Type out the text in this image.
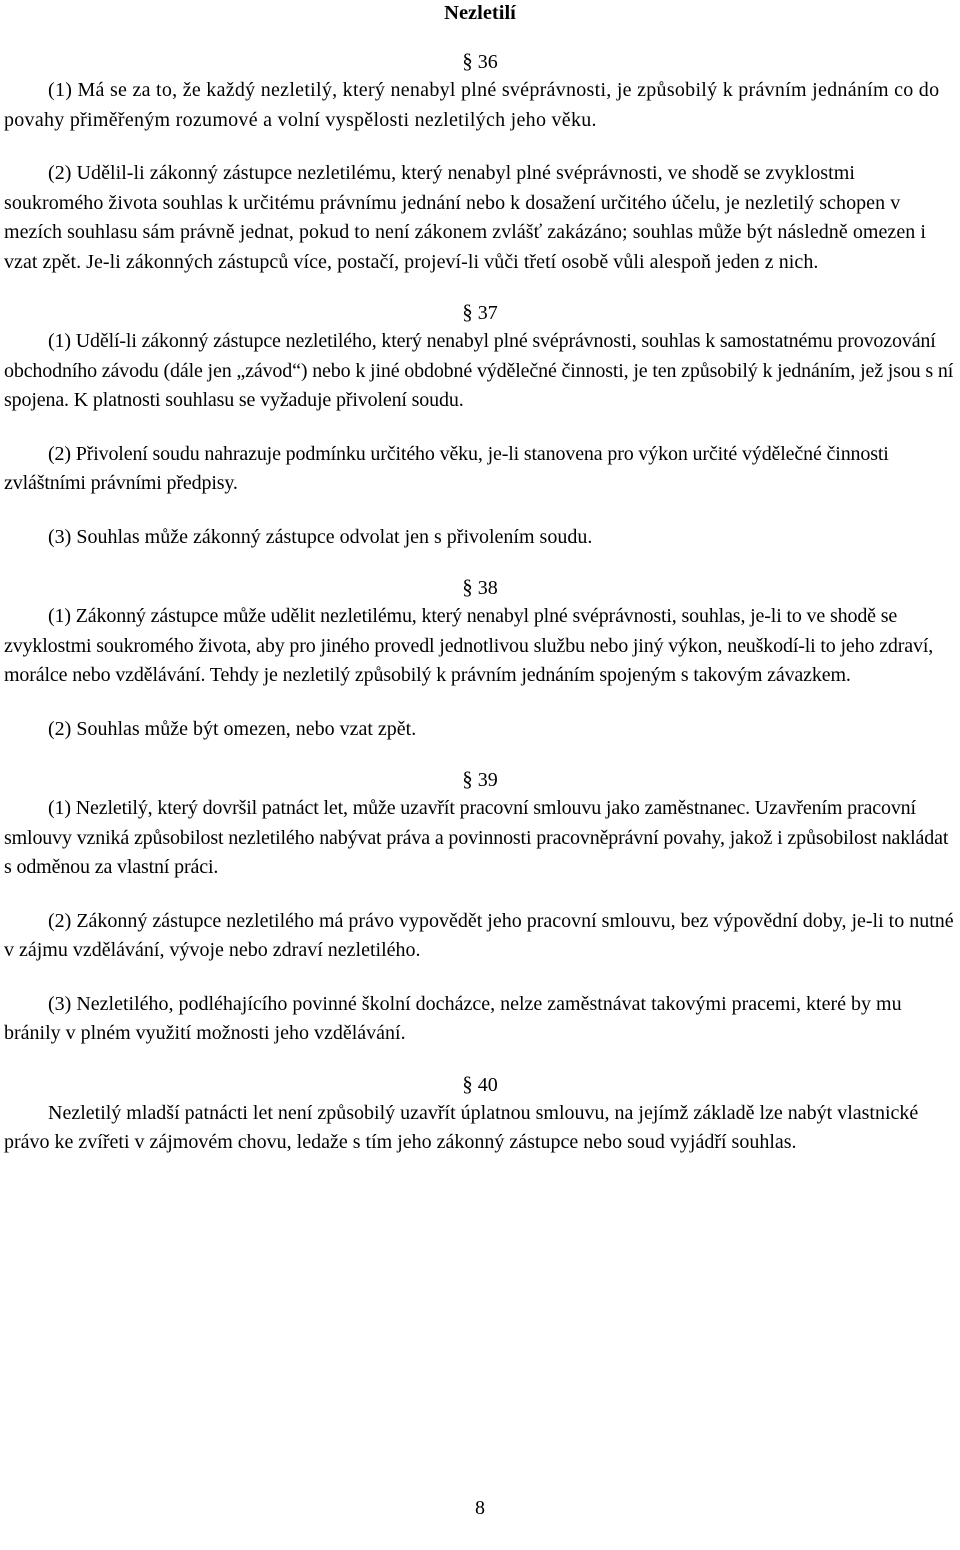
Nezletilí
§ 36

(1) Má se za to, že každý nezletilý, který nenabyl plné svéprávnosti, je způsobilý k právním jednáním co do povahy přiměřeným rozumové a volní vyspělosti nezletilých jeho věku.

(2) Udělil-li zákonný zástupce nezletilému, který nenabyl plné svéprávnosti, ve shodě se zvyklostmi soukromého života souhlas k určitému právnímu jednání nebo k dosažení určitého účelu, je nezletilý schopen v mezích souhlasu sám právně jednat, pokud to není zákonem zvlášť zakázáno; souhlas může být následně omezen i vzat zpět. Je-li zákonných zástupců více, postačí, projeví-li vůči třetí osobě vůli alespoň jeden z nich.

§ 37

(1) Udělí-li zákonný zástupce nezletilého, který nenabyl plné svéprávnosti, souhlas k samostatnému provozování obchodního závodu (dále jen „závod“) nebo k jiné obdobné výdělečné činnosti, je ten způsobilý k jednáním, jež jsou s ní spojena. K platnosti souhlasu se vyžaduje přivolení soudu.

(2) Přivolení soudu nahrazuje podmínku určitého věku, je-li stanovena pro výkon určité výdělečné činnosti zvláštními právními předpisy.

(3) Souhlas může zákonný zástupce odvolat jen s přivolením soudu.

§ 38

(1) Zákonný zástupce může udělit nezletilému, který nenabyl plné svéprávnosti, souhlas, je-li to ve shodě se zvyklostmi soukromého života, aby pro jiného provedl jednotlivou službu nebo jiný výkon, neuškodí-li to jeho zdraví, morálce nebo vzdělávání. Tehdy je nezletilý způsobilý k právním jednáním spojeným s takovým závazkem.

(2) Souhlas může být omezen, nebo vzat zpět.

§ 39

(1) Nezletilý, který dovršil patnáct let, může uzavřít pracovní smlouvu jako zaměstnanec. Uzavřením pracovní smlouvy vzniká způsobilost nezletilého nabývat práva a povinnosti pracovněprávní povahy, jakož i způsobilost nakládat s odměnou za vlastní práci.

(2) Zákonný zástupce nezletilého má právo vypovědět jeho pracovní smlouvu, bez výpovědní doby, je-li to nutné v zájmu vzdělávání, vývoje nebo zdraví nezletilého.

(3) Nezletilého, podléhajícího povinné školní docházce, nelze zaměstnávat takovými pracemi, které by mu bránily v plném využití možnosti jeho vzdělávání.

§ 40

Nezletilý mladší patnácti let není způsobilý uzavřít úplatnou smlouvu, na jejímž základě lze nabýt vlastnické právo ke zvířeti v zájmovém chovu, ledaže s tím jeho zákonný zástupce nebo soud vyjádří souhlas.

8
